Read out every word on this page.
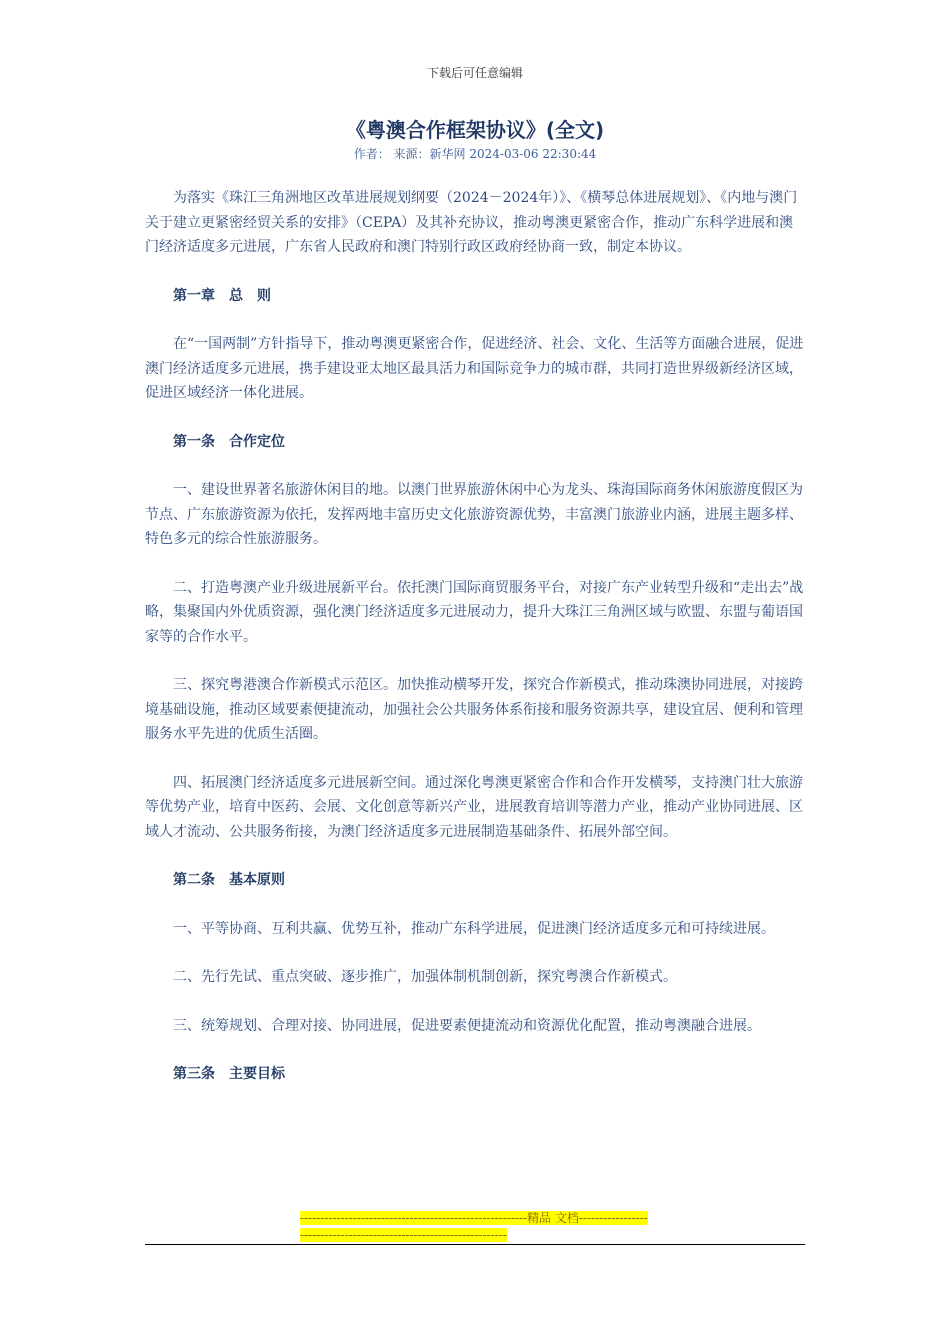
下载后可任意编辑
《粤澳合作框架协议》(全文)
作者： 来源：新华网 2024-03-06 22:30:44

为落实《珠江三角洲地区改革进展规划纲要（2024－2024年）》、《横琴总体进展规划》、《内地与澳门关于建立更紧密经贸关系的安排》（CEPA）及其补充协议，推动粤澳更紧密合作，推动广东科学进展和澳门经济适度多元进展，广东省人民政府和澳门特别行政区政府经协商一致，制定本协议。

第一章　总　则

在“一国两制”方针指导下，推动粤澳更紧密合作，促进经济、社会、文化、生活等方面融合进展，促进澳门经济适度多元进展，携手建设亚太地区最具活力和国际竞争力的城市群，共同打造世界级新经济区域，促进区域经济一体化进展。

第一条　合作定位

一、建设世界著名旅游休闲目的地。以澳门世界旅游休闲中心为龙头、珠海国际商务休闲旅游度假区为节点、广东旅游资源为依托，发挥两地丰富历史文化旅游资源优势，丰富澳门旅游业内涵，进展主题多样、特色多元的综合性旅游服务。

二、打造粤澳产业升级进展新平台。依托澳门国际商贸服务平台，对接广东产业转型升级和“走出去”战略，集聚国内外优质资源，强化澳门经济适度多元进展动力，提升大珠江三角洲区域与欧盟、东盟与葡语国家等的合作水平。

三、探究粤港澳合作新模式示范区。加快推动横琴开发，探究合作新模式，推动珠澳协同进展，对接跨境基础设施，推动区域要素便捷流动，加强社会公共服务体系衔接和服务资源共享，建设宜居、便利和管理服务水平先进的优质生活圈。

四、拓展澳门经济适度多元进展新空间。通过深化粤澳更紧密合作和合作开发横琴，支持澳门壮大旅游等优势产业，培育中医药、会展、文化创意等新兴产业，进展教育培训等潜力产业，推动产业协同进展、区域人才流动、公共服务衔接，为澳门经济适度多元进展制造基础条件、拓展外部空间。

第二条　基本原则

一、平等协商、互利共赢、优势互补，推动广东科学进展，促进澳门经济适度多元和可持续进展。

二、先行先试、重点突破、逐步推广，加强体制机制创新，探究粤澳合作新模式。

三、统筹规划、合理对接、协同进展，促进要素便捷流动和资源优化配置，推动粤澳融合进展。

第三条　主要目标

--------------------------------------------------------精品 文档--------------------------------------------------------------------
